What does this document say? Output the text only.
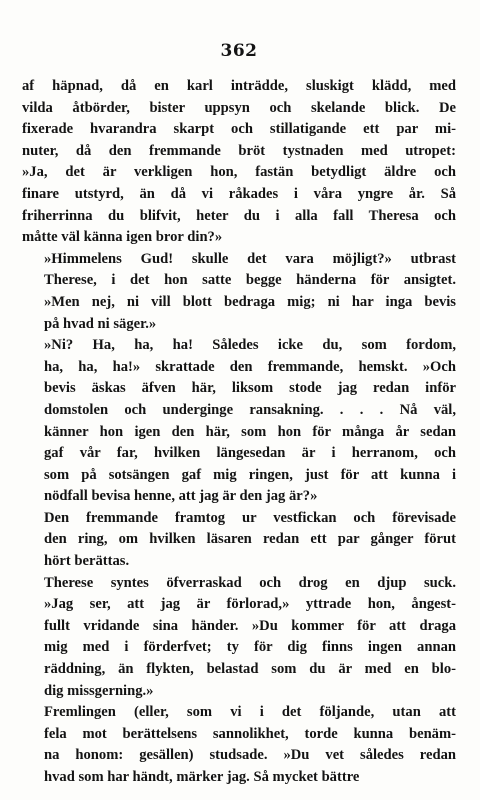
362

af häpnad, då en karl inträdde, sluskigt klädd, med
vilda åtbörder, bister uppsyn och skelande blick. De
fixerade hvarandra skarpt och stillatigande ett par mi-
nuter, då den fremmande bröt tystnaden med utropet:
»Ja, det är verkligen hon, fastän betydligt äldre och
finare utstyrd, än då vi råkades i våra yngre år. Så
friherrinna du blifvit, heter du i alla fall Theresa och
måtte väl känna igen bror din?»

»Himmelens Gud! skulle det vara möjligt?» utbrast
Therese, i det hon satte begge händerna för ansigtet.
»Men nej, ni vill blott bedraga mig; ni har inga bevis
på hvad ni säger.»

»Ni? Ha, ha, ha! Således icke du, som fordom,
ha, ha, ha!» skrattade den fremmande, hemskt. »Och
bevis äskas äfven här, liksom stode jag redan inför
domstolen och underginge ransakning. . . . Nå väl,
känner hon igen den här, som hon för många år sedan
gaf vår far, hvilken längesedan är i herranom, och
som på sotsängen gaf mig ringen, just för att kunna i
nödfall bevisa henne, att jag är den jag är?»

Den fremmande framtog ur vestfickan och förevisade
den ring, om hvilken läsaren redan ett par gånger förut
hört berättas.

Therese syntes öfverraskad och drog en djup suck.
»Jag ser, att jag är förlorad,» yttrade hon, ångest-
fullt vridande sina händer. »Du kommer för att draga
mig med i förderfvet; ty för dig finns ingen annan
räddning, än flykten, belastad som du är med en blo-
dig missgerning.»

Fremlingen (eller, som vi i det följande, utan att
fela mot berättelsens sannolikhet, torde kunna benäm-
na honom: gesällen) studsade. »Du vet således redan
hvad som har händt, märker jag. Så mycket bättre
